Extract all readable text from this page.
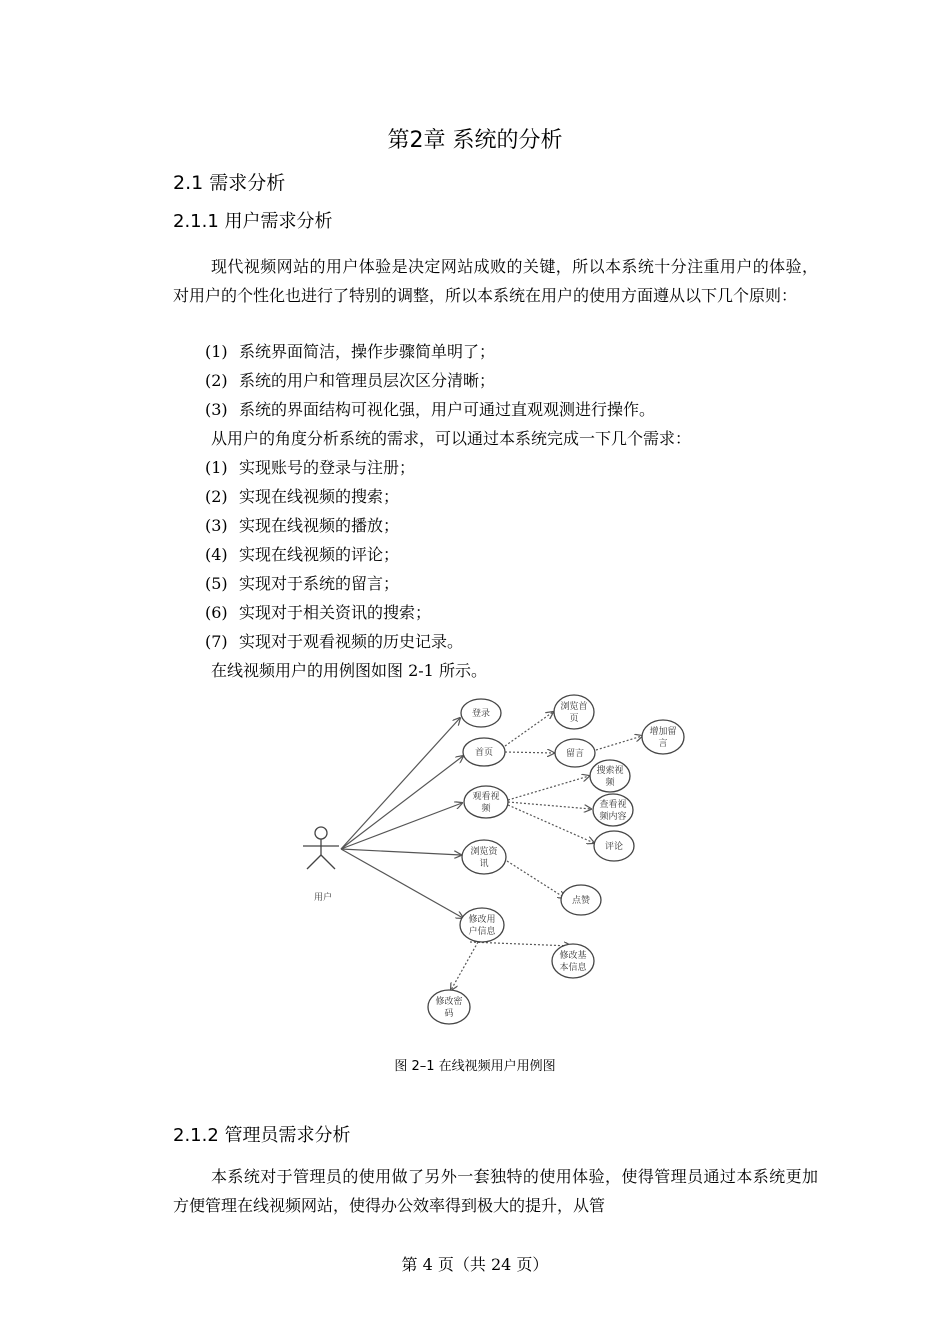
第2章 系统的分析
2.1 需求分析
2.1.1 用户需求分析
现代视频网站的用户体验是决定网站成败的关键，所以本系统十分注重用户的体验，对用户的个性化也进行了特别的调整，所以本系统在用户的使用方面遵从以下几个原则：
(1) 系统界面简洁，操作步骤简单明了；
(2) 系统的用户和管理员层次区分清晰；
(3) 系统的界面结构可视化强，用户可通过直观观测进行操作。
从用户的角度分析系统的需求，可以通过本系统完成一下几个需求：
(1) 实现账号的登录与注册；
(2) 实现在线视频的搜索；
(3) 实现在线视频的播放；
(4) 实现在线视频的评论；
(5) 实现对于系统的留言；
(6) 实现对于相关资讯的搜索；
(7) 实现对于观看视频的历史记录。
在线视频用户的用例图如图 2-1 所示。
用户
登录
首页
浏览首
页
留言
增加留
言
观看视
频
搜索视
频
查看视
频内容
评论
浏览资
讯
点赞
修改用
户信息
修改基
本信息
修改密
码
图 2–1 在线视频用户用例图
2.1.2 管理员需求分析
本系统对于管理员的使用做了另外一套独特的使用体验，使得管理员通过本系统更加方便管理在线视频网站，使得办公效率得到极大的提升，从管
第 4 页（共 24 页）
